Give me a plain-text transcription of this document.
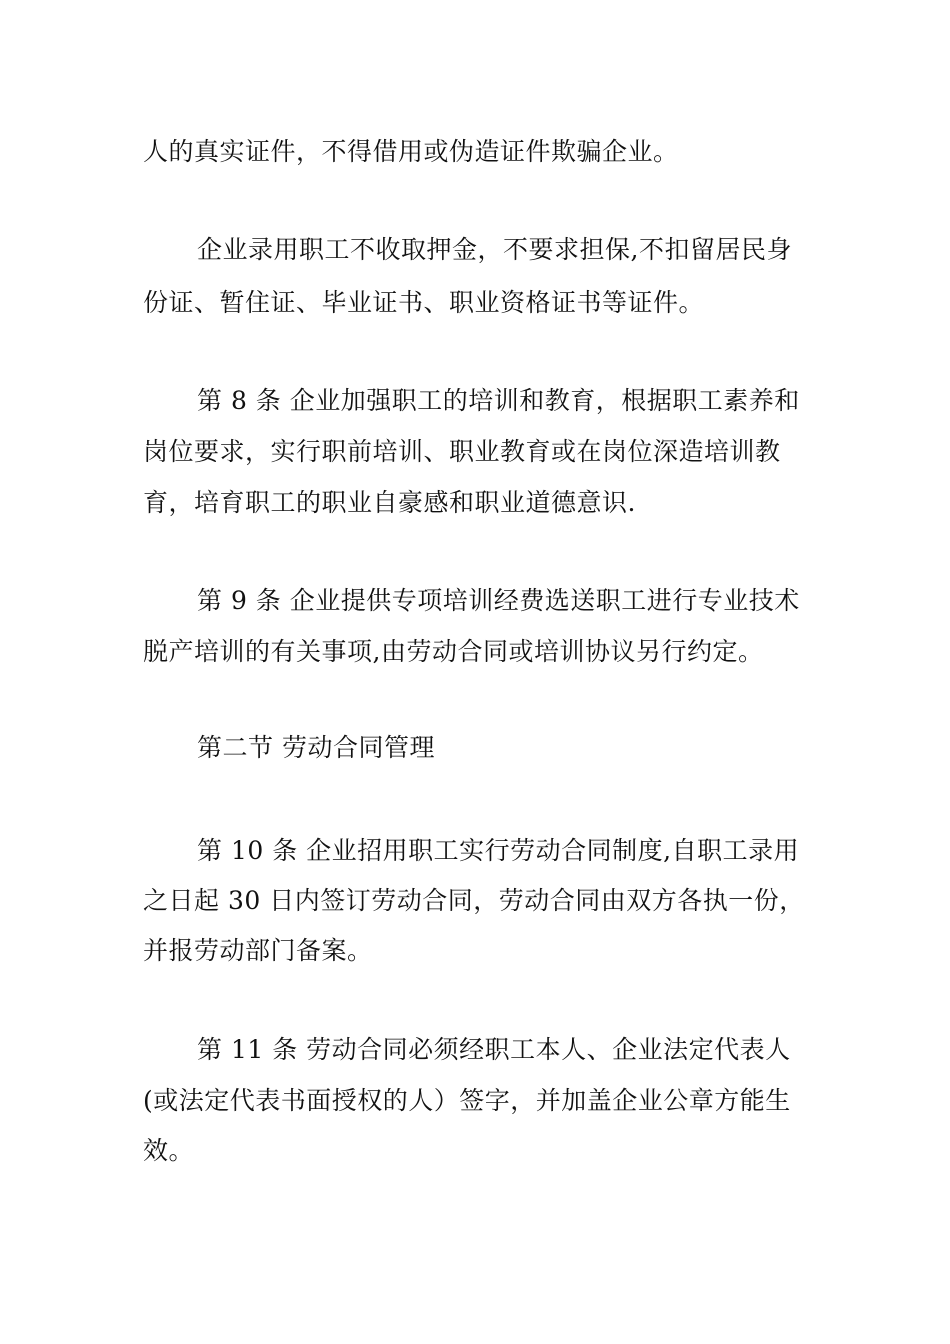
人的真实证件，不得借用或伪造证件欺骗企业。
企业录用职工不收取押金，不要求担保,不扣留居民身
份证、暂住证、毕业证书、职业资格证书等证件。
第 8 条 企业加强职工的培训和教育，根据职工素养和
岗位要求，实行职前培训、职业教育或在岗位深造培训教
育，培育职工的职业自豪感和职业道德意识.
第 9 条 企业提供专项培训经费选送职工进行专业技术
脱产培训的有关事项,由劳动合同或培训协议另行约定。
第二节 劳动合同管理
第 10 条 企业招用职工实行劳动合同制度,自职工录用
之日起 30 日内签订劳动合同，劳动合同由双方各执一份，
并报劳动部门备案。
第 11 条 劳动合同必须经职工本人、企业法定代表人
(或法定代表书面授权的人）签字，并加盖企业公章方能生
效。
